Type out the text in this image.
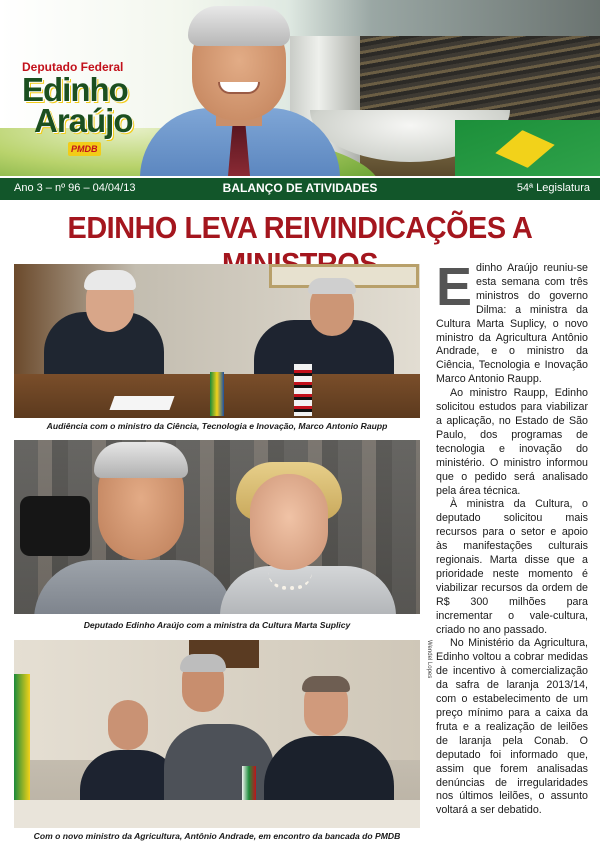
Deputado Federal
Edinho
Araújo
PMDB
BALANÇO DE ATIVIDADES
Ano 3 – nº 96 – 04/04/13	54ª Legislatura
EDINHO LEVA REIVINDICAÇÕES A
Audiência com o ministro da Ciência, Tecnologia e Inovação, Marco Antonio Raupp
Deputado Edinho Araújo com a ministra da Cultura Marta Suplicy
Com o novo ministro da Agricultura, Antônio Andrade, em encontro da bancada do PMDB
Wendel Lopes

Edinho Araújo reuniu-se esta semana com três ministros do governo Dilma: a ministra da Cultura Marta Suplicy, o novo ministro da Agricultura Antônio Andrade, e o ministro da Ciência, Tecnologia e Inovação Marco Antonio Raupp.

Ao ministro Raupp, Edinho solicitou estudos para viabilizar a aplicação, no Estado de São Paulo, dos programas de tecnologia e inovação do ministério. O ministro informou que o pedido será analisado pela área técnica.

À ministra da Cultura, o deputado solicitou mais recursos para o setor e apoio às manifestações culturais regionais. Marta disse que a prioridade neste momento é viabilizar recursos da ordem de R$ 300 milhões para incrementar o vale-cultura, criado no ano passado.

No Ministério da Agricultura, Edinho voltou a cobrar medidas de incentivo à comercialização da safra de laranja 2013/14, com o estabelecimento de um preço mínimo para a caixa da fruta e a realização de leilões de laranja pela Conab. O deputado foi informado que, assim que forem analisadas denúncias de irregularidades nos últimos leilões, o assunto voltará a ser debatido.
